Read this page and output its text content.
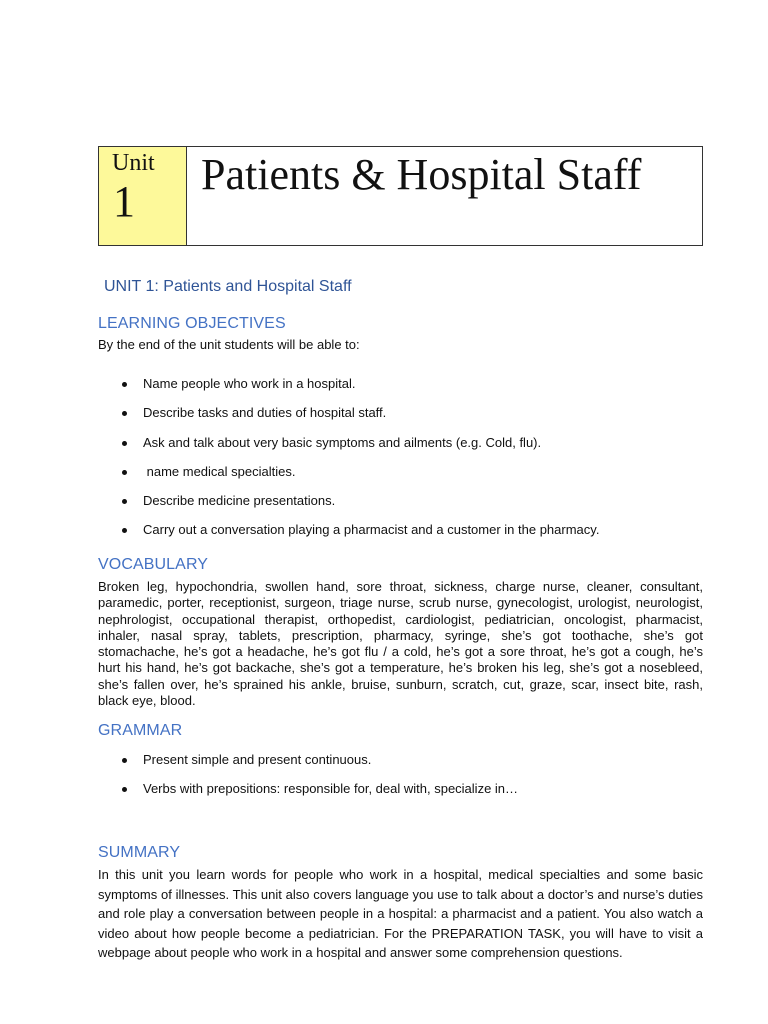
Unit
1
Patients & Hospital Staff
UNIT 1: Patients and Hospital Staff
LEARNING OBJECTIVES
By the end of the unit students will be able to:
Name people who work in a hospital.
Describe tasks and duties of hospital staff.
Ask and talk about very basic symptoms and ailments (e.g. Cold, flu).
name medical specialties.
Describe medicine presentations.
Carry out a conversation playing a pharmacist and a customer in the pharmacy.
VOCABULARY
Broken leg, hypochondria, swollen hand, sore throat, sickness, charge nurse, cleaner, consultant, paramedic, porter, receptionist, surgeon, triage nurse, scrub nurse, gynecologist, urologist, neurologist, nephrologist, occupational therapist, orthopedist, cardiologist, pediatrician, oncologist, pharmacist, inhaler, nasal spray, tablets, prescription, pharmacy, syringe, she’s got toothache, she’s got stomachache, he’s got a headache, he’s got flu / a cold, he’s got a sore throat, he’s got a cough, he’s hurt his hand, he’s got backache, she’s got a temperature, he’s broken his leg, she’s got a nosebleed, she’s fallen over, he’s sprained his ankle, bruise, sunburn, scratch, cut, graze, scar, insect bite, rash, black eye, blood.
GRAMMAR
Present simple and present continuous.
Verbs with prepositions: responsible for, deal with, specialize in…
SUMMARY
In this unit you learn words for people who work in a hospital, medical specialties and some basic symptoms of illnesses. This unit also covers language you use to talk about a doctor’s and nurse’s duties and role play a conversation between people in a hospital: a pharmacist and a patient. You also watch a video about how people become a pediatrician. For the PREPARATION TASK, you will have to visit a webpage about people who work in a hospital and answer some comprehension questions.
